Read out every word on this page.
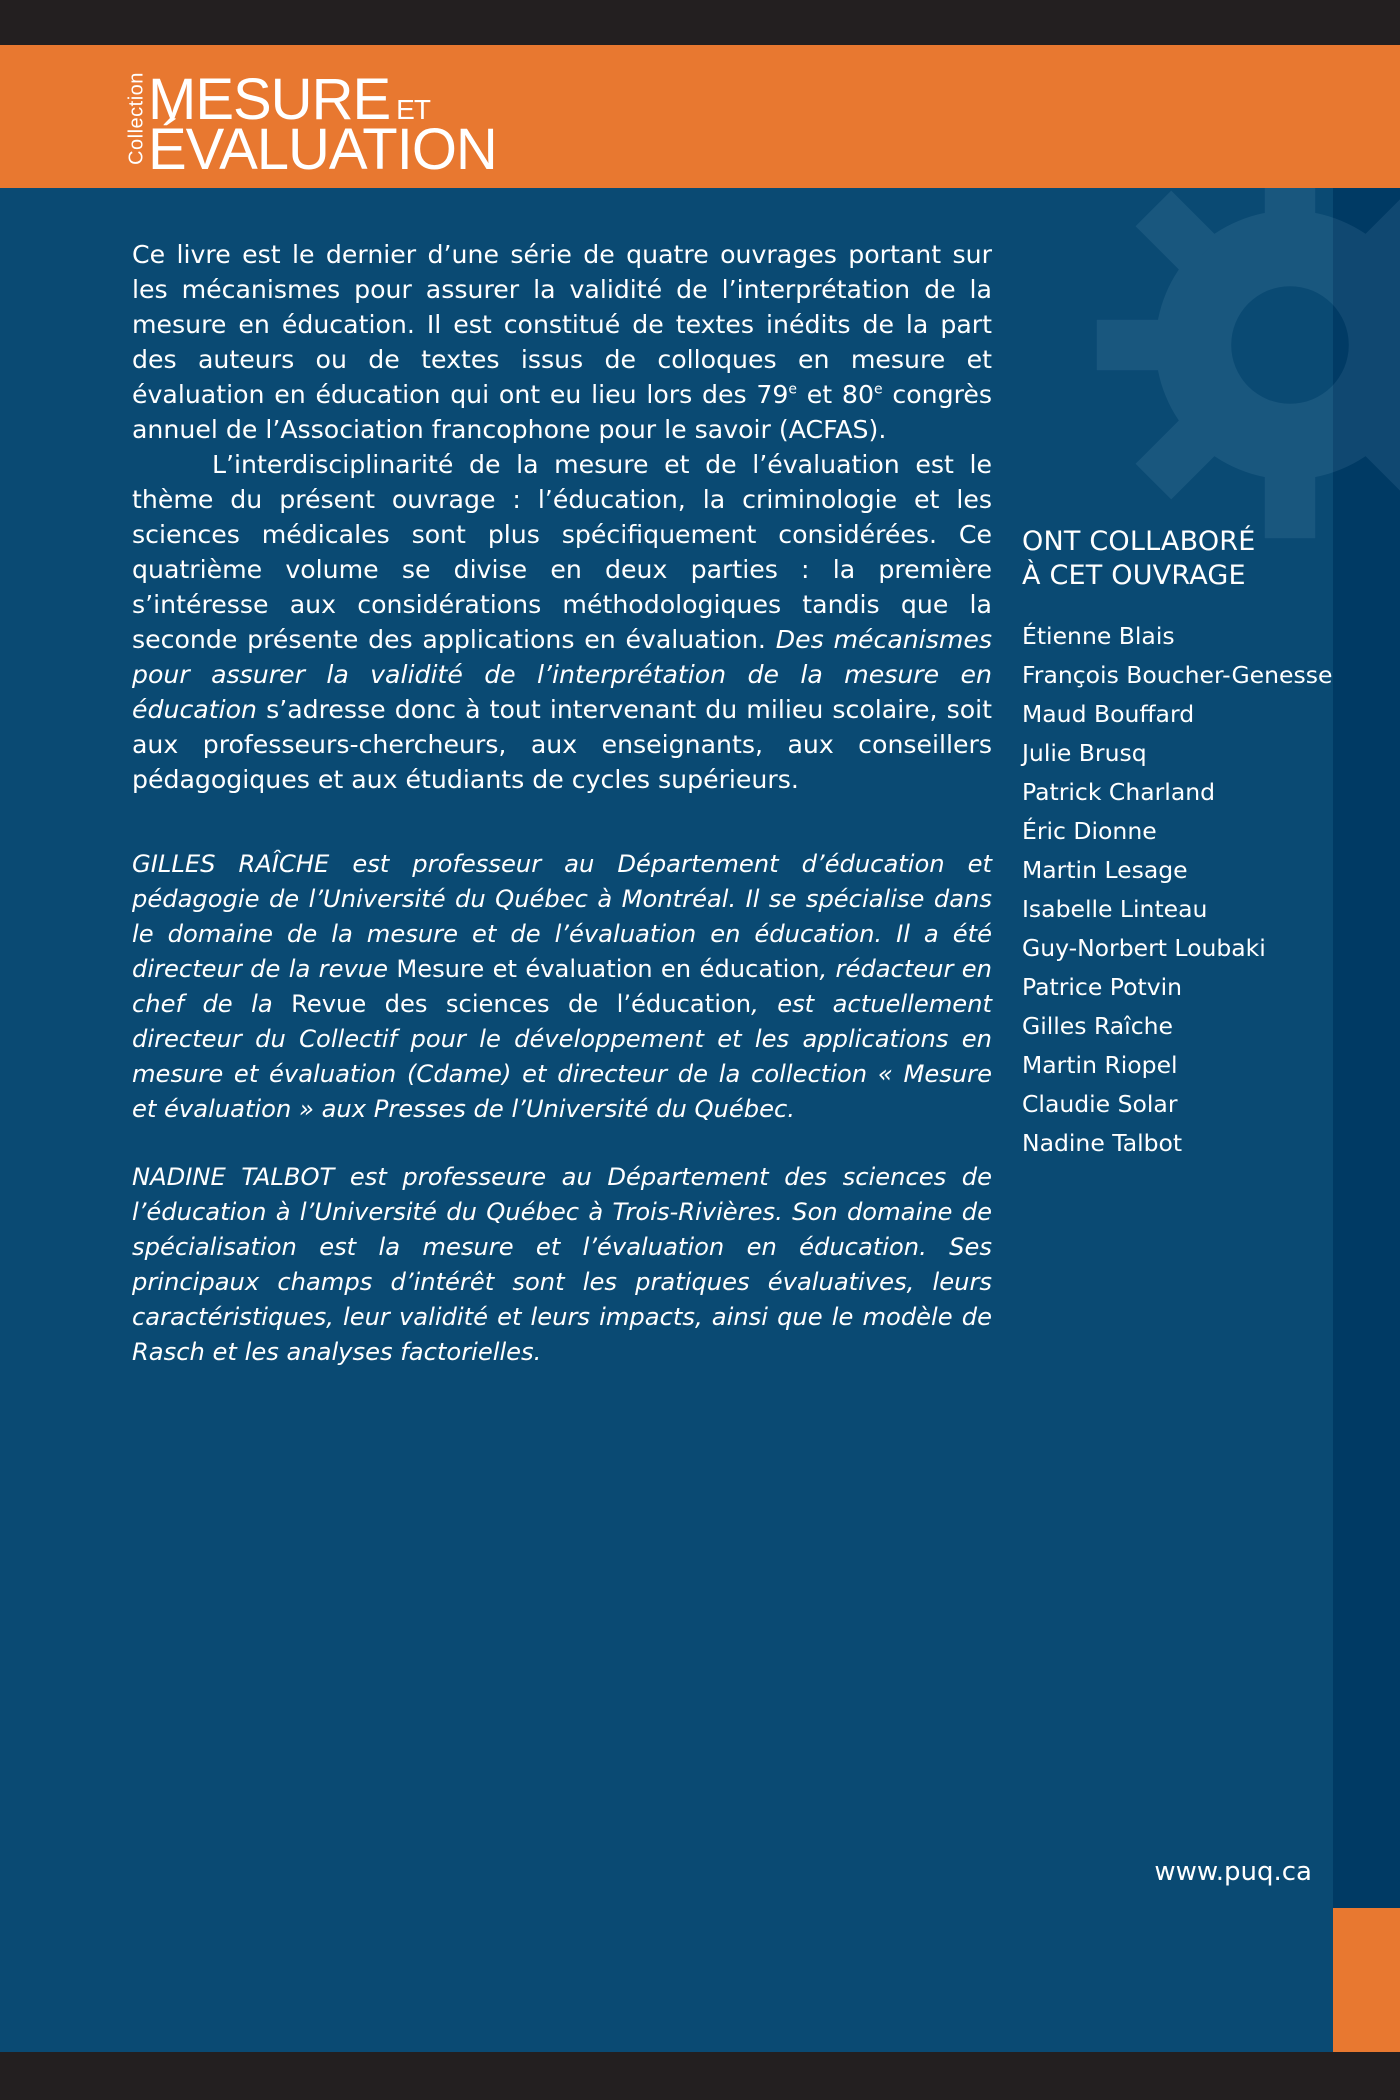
Collection MESURE ET
ÉVALUATION

Ce livre est le dernier d’une série de quatre ouvrages portant sur les mécanismes pour assurer la validité de l’interprétation de la mesure en éducation. Il est constitué de textes inédits de la part des auteurs ou de textes issus de colloques en mesure et évaluation en éducation qui ont eu lieu lors des 79e et 80e congrès annuel de l’Association francophone pour le savoir (ACFAS).

L’interdisciplinarité de la mesure et de l’évaluation est le thème du présent ouvrage : l’éducation, la criminologie et les sciences médicales sont plus spécifiquement considérées. Ce quatrième volume se divise en deux parties : la première s’intéresse aux considérations méthodologiques tandis que la seconde présente des applications en évaluation. Des mécanismes pour assurer la validité de l’interprétation de la mesure en éducation s’adresse donc à tout intervenant du milieu scolaire, soit aux professeurs-chercheurs, aux enseignants, aux conseillers pédagogiques et aux étudiants de cycles supérieurs.

GILLES RAÎCHE est professeur au Département d’éducation et pédagogie de l’Université du Québec à Montréal. Il se spécialise dans le domaine de la mesure et de l’évaluation en éducation. Il a été directeur de la revue Mesure et évaluation en éducation, rédacteur en chef de la Revue des sciences de l’éducation, est actuellement directeur du Collectif pour le développement et les applications en mesure et évaluation (Cdame) et directeur de la collection « Mesure et évaluation » aux Presses de l’Université du Québec.
NADINE TALBOT est professeure au Département des sciences de l’éducation à l’Université du Québec à Trois-Rivières. Son domaine de spécialisation est la mesure et l’évaluation en éducation. Ses principaux champs d’intérêt sont les pratiques évaluatives, leurs caractéristiques, leur validité et leurs impacts, ainsi que le modèle de Rasch et les analyses factorielles.
ONT COLLABORÉ
À CET OUVRAGE
Étienne Blais
François Boucher-Genesse
Maud Bouffard
Julie Brusq
Patrick Charland
Éric Dionne
Martin Lesage
Isabelle Linteau
Guy-Norbert Loubaki
Patrice Potvin
Gilles Raîche
Martin Riopel
Claudie Solar
Nadine Talbot
www.puq.ca
